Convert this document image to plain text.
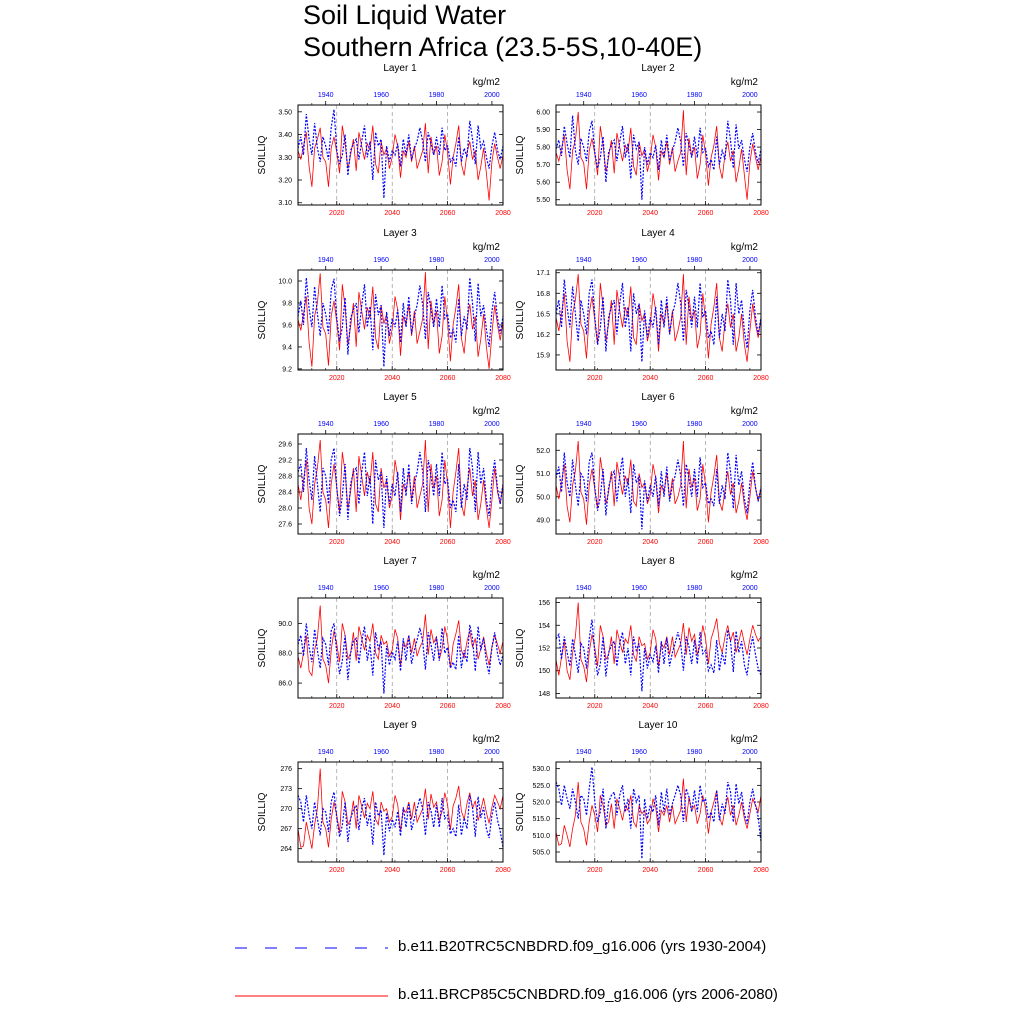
Soil Liquid Water
Southern Africa (23.5-5S,10-40E)
Layer 1
kg/m2
SOILLIQ
3.10
3.20
3.30
3.40
3.50
2020	2040	2060	2080
1940	1960	1980	2000
Layer 2
kg/m2
SOILLIQ
5.50
5.60
5.70
5.80
5.90
6.00
2020	2040	2060	2080
1940	1960	1980	2000
Layer 3
kg/m2
SOILLIQ
9.2
9.4
9.6
9.8
10.0
2020	2040	2060	2080
1940	1960	1980	2000
Layer 4
kg/m2
SOILLIQ
15.9
16.2
16.5
16.8
17.1
2020	2040	2060	2080
1940	1960	1980	2000
Layer 5
kg/m2
SOILLIQ
27.6
28.0
28.4
28.8
29.2
29.6
2020	2040	2060	2080
1940	1960	1980	2000
Layer 6
kg/m2
SOILLIQ
49.0
50.0
51.0
52.0
2020	2040	2060	2080
1940	1960	1980	2000
Layer 7
kg/m2
SOILLIQ
86.0
88.0
90.0
2020	2040	2060	2080
1940	1960	1980	2000
Layer 8
kg/m2
SOILLIQ
148
150
152
154
156
2020	2040	2060	2080
1940	1960	1980	2000
Layer 9
kg/m2
SOILLIQ
264
267
270
273
276
2020	2040	2060	2080
1940	1960	1980	2000
Layer 10
kg/m2
SOILLIQ
505.0
510.0
515.0
520.0
525.0
530.0
2020	2040	2060	2080
1940	1960	1980	2000
b.e11.B20TRC5CNBDRD.f09_g16.006 (yrs 1930-2004)
b.e11.BRCP85C5CNBDRD.f09_g16.006 (yrs 2006-2080)
